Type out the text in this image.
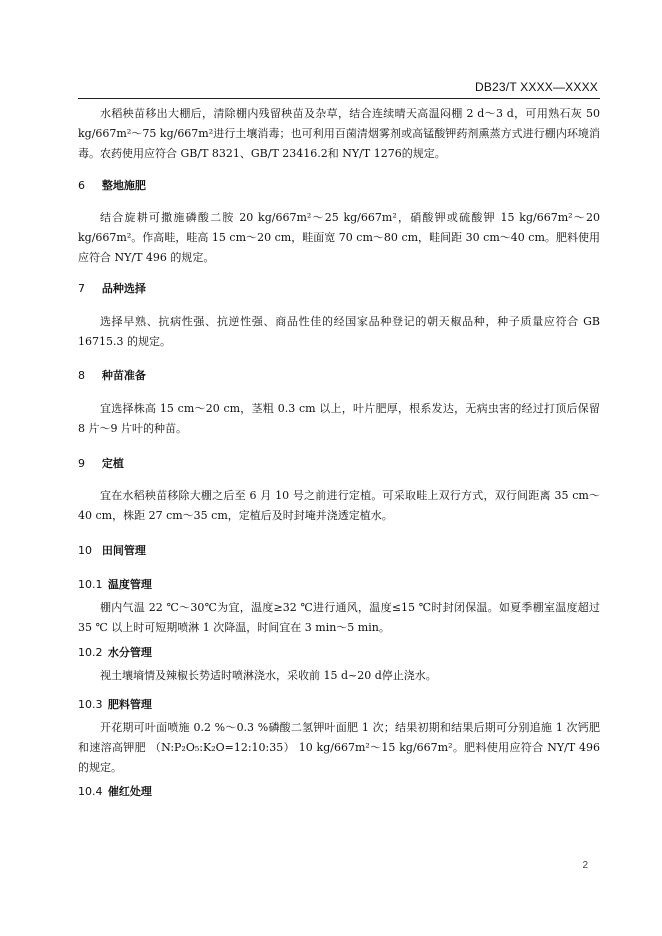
DB23/T XXXX—XXXX
水稻秧苗移出大棚后，清除棚内残留秧苗及杂草，结合连续晴天高温闷棚 2 d～3 d，可用熟石灰 50 kg/667m²～75 kg/667m²进行土壤消毒；也可利用百菌清烟雾剂或高锰酸钾药剂熏蒸方式进行棚内环境消毒。农药使用应符合 GB/T 8321、GB/T 23416.2和 NY/T 1276的规定。
6 整地施肥
结合旋耕可撒施磷酸二胺 20 kg/667m²～25 kg/667m²，硝酸钾或硫酸钾 15 kg/667m²～20 kg/667m²。作高畦，畦高 15 cm～20 cm，畦面宽 70 cm～80 cm，畦间距 30 cm～40 cm。肥料使用应符合 NY/T 496 的规定。
7 品种选择
选择早熟、抗病性强、抗逆性强、商品性佳的经国家品种登记的朝天椒品种，种子质量应符合 GB 16715.3 的规定。
8 种苗准备
宜选择株高 15 cm～20 cm，茎粗 0.3 cm 以上，叶片肥厚，根系发达，无病虫害的经过打顶后保留 8 片～9 片叶的种苗。
9 定植
宜在水稻秧苗移除大棚之后至 6 月 10 号之前进行定植。可采取畦上双行方式，双行间距离 35 cm～40 cm，株距 27 cm～35 cm，定植后及时封埯并浇透定植水。
10 田间管理
10.1 温度管理
棚内气温 22 ℃～30℃为宜，温度≥32 ℃进行通风，温度≤15 ℃时封闭保温。如夏季棚室温度超过 35 ℃ 以上时可短期喷淋 1 次降温，时间宜在 3 min～5 min。
10.2 水分管理
视土壤墒情及辣椒长势适时喷淋浇水，采收前 15 d~20 d停止浇水。
10.3 肥料管理
开花期可叶面喷施 0.2 %～0.3 %磷酸二氢钾叶面肥 1 次；结果初期和结果后期可分别追施 1 次钙肥和速溶高钾肥 （N:P₂O₅:K₂O=12:10:35） 10 kg/667m²～15 kg/667m²。肥料使用应符合 NY/T 496 的规定。
10.4 催红处理
2
